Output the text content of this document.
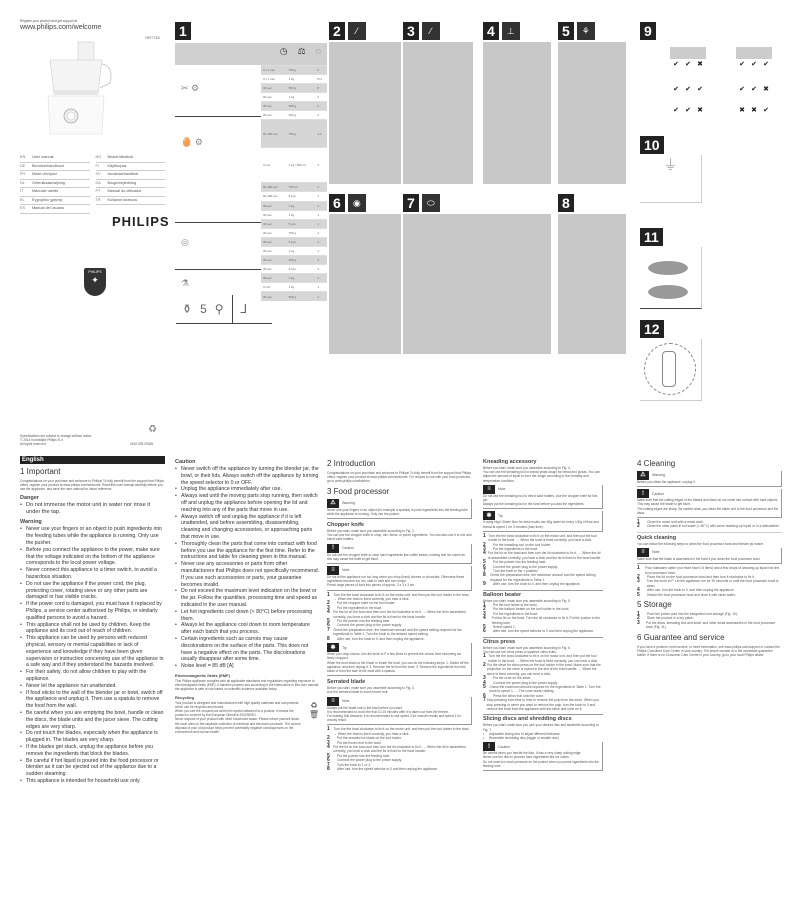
Register your product and get support at
www.philips.com/welcome
HR7782
EN	User manual	NO	Brukerhåndbok
DE	Benutzerhandbuch	FI	Käyttöopas
FR	Mode d'emploi	SV	Användarhandbok
NL	Gebruiksaanwijzing	DA	Brugervejledning
IT	Manuale utente	PT	Manual do utilizador
EL	Εγχειρίδιο χρήσης	TR	Kullanım kılavuzu
ES	Manual del usuario
PHILIPS
PHILIPS
✦
Specifications are subject to change without notice
© 2014 Koninklijke Philips N.V.
All rights reserved.
♻
3140 035 29045
1
◷ ⚖ ◌
✂ ⚙
🥚 ⚙
◎
⚗
3 x 1 sec	750 g	P
3 x 1 sec	1 kg	P/1
30 sec	500 g	P
60 sec	1 kg	2
45 sec	500 g	2
30 sec	400 g	2
60-180 sec	750 g	1-2
3 min	1 kg / 600 ml	1
60-180 sec	750 ml	1
60-180 sec	8 pcs	1
30 sec	1 kg	1
30 sec	1 kg	1
30 sec	5 pcs	1
30 sec	750 g	1
30 sec	5 pcs	1
30 sec	1 kg	1
30 sec	200 g	1
30 sec	5 pcs	1
30 sec	1 kg	1
3 min	1 kg	1
30 sec	500 g	1
⚱ 5 ⚲ ⅃
2	⁄	3	⁄	4	⊥	5	⚘
6	◉	7	⬭	8
9
✔ ✔ ✖	✔ ✔ ✔
✔ ✔ ✔	✔ ✔ ✖
✔ ✔ ✖	✖ ✖ ✔
10
⏚
11
12
English
1 Important

Congratulations on your purchase and welcome to Philips! To fully benefit from the support that Philips offers, register your product at www.philips.com/welcome. Read this user manual carefully before you use the appliance, and save the user manual for future reference.

Danger
• Do not immerse the motor unit in water nor rinse it under the tap.
Warning
• Never use your fingers or an object to push ingredients into the feeding tubes while the appliance is running. Only use the pusher.
• Before you connect the appliance to the power, make sure that the voltage indicated on the bottom of the appliance corresponds to the local power voltage.
• Never connect this appliance to a timer switch, to avoid a hazardous situation.
• Do not use the appliance if the power cord, the plug, protecting cover, rotating sieve or any other parts are damaged or has visible cracks.
• If the power cord is damaged, you must have it replaced by Philips, a service center authorized by Philips, or similarly qualified persons to avoid a hazard.
• This appliance shall not be used by children. Keep the appliance and its cord out of reach of children.
• This appliance can be used by persons with reduced physical, sensory or mental capabilities or lack of experience and knowledge if they have been given supervision or instruction concerning use of the appliance in a safe way and if they understand the hazards involved.
• For their safety, do not allow children to play with the appliance.
• Never let the appliance run unattended.
• If food sticks to the wall of the blender jar or bowl, switch off the appliance and unplug it. Then use a spatula to remove the food from the wall.
• Be careful when you are emptying the bowl, handle or clean the discs, the blade units and the juicer sieve. The cutting edges are very sharp.
• Do not touch the blades, especially when the appliance is plugged in. The blades are very sharp.
• If the blades get stuck, unplug the appliance before you remove the ingredients that block the blades.
• Be careful if hot liquid is poured into the food processor or blender as it can be ejected out of the appliance due to a sudden steaming.
• This appliance is intended for household use only.
Caution
• Never switch off the appliance by turning the blender jar, the bowl, or their lids. Always switch off the appliance by turning the speed selector to 0 or OFF.
• Unplug the appliance immediately after use.
• Always wait until the moving parts stop running, then switch off and unplug the appliance before opening the lid and reaching into any of the parts that move in use.
• Always switch off and unplug the appliance if it is left unattended, and before assembling, disassembling, cleaning and changing accessories, or approaching parts that move in use.
• Thoroughly clean the parts that come into contact with food before you use the appliance for the first time. Refer to the instructions and table for cleaning given in this manual.
• Never use any accessories or parts from other manufacturers that Philips does not specifically recommend. If you use such accessories or parts, your guarantee becomes invalid.
• Do not exceed the maximum level indication on the bowl or the jar. Follow the quantities, processing time and speed as indicated in the user manual.
• Let hot ingredients cool down (< 80°C) before processing them.
• Always let the appliance cool down to room temperature after each batch that you process.
• Certain ingredients such as carrots may cause discolorations on the surface of the parts. This does not have a negative effect on the parts. The discolorations usually disappear after some time.
• Noise level = 85 dB [A]
Electromagnetic fields (EMF)

This Philips appliance complies with all applicable standards and regulations regarding exposure to electromagnetic fields (EMF). If handled properly and according to the instructions in this user manual, the appliance is safe to use based on scientific evidence available today.

Recycling

Your product is designed and manufactured with high quality materials and components, which can be recycled and reused.

When you see the crossed-out wheel bin symbol attached to a product, it means the product is covered by the European Directive 2002/96/EC.

Never dispose of your product with other household waste. Please inform yourself about the local rules on the separate collection of electrical and electronic products. The correct disposal of your old product helps prevent potentially negative consequences on the environment and human health.

♻
🗑
2 Introduction

Congratulations on your purchase and welcome to Philips! To fully benefit from the support that Philips offers, register your product at www.philips.com/welcome. For recipes to use with your food processor, go to www.philips.com/kitchen.

3 Food processor
⚠	Warning

Never use your fingers or an object (for example a spatula) to push ingredients into the feeding tube while the appliance is running. Only use the pusher.

Chopper knife

Before you start, make sure you assemble according to Fig. 2.

You can use the chopper knife to chop, mix, blend, or puree ingredients. You can also use it to mix and blend cake batters.

!	Caution

Do not use the chopper knife to chop hard ingredients like coffee beans, nutmeg and ice cubes as this may cause the knife to get blunt.

≡	Note

Do not let the appliance run too long when you chop (hard) cheese or chocolate. Otherwise these ingredients become too hot, start to melt and turn lumpy.

Precut large pieces of food into pieces of approx. 3 x 3 x 3 cm.

1	Turn the the bowl clockwise to fix it on the motor unit, and then put the tool holder in the bowl. → When the bowl is fixed correctly, you hear a click.
2	Put the chopper knife on the tool holder.
3	Put the ingredients in the bowl.
4	Put the lid on the bowl and then turn the lid clockwise to fix it. → When the lid is assembled correctly, you hear a click and the lid is fixed to the bowl handle.
5	Put the pusher into the feeding tube.
6	Connect the power plug to the power supply.
7	Check the preparation time, the maximum amount and the speed setting required for the ingredients in Table 1. Turn the knob to the desired speed setting.
8	After use, turn the knob to 0, and then unplug the appliance.
✱	Tip

When you chop onions, turn the knob to P a few times to prevent the onions from becoming too finely chopped.

When the food sticks to the blade or inside the bowl, you can do the following steps: 1. Switch off the appliance, and then unplug it. 2. Remove the lid from the bowl. 3. Remove the ingredients from the blade or from the side of the bowl with a spatula.

Serrated blade

Before you start, make sure you assemble according to Fig. 3.

Use the serrated blade to crush frozen fruit.

≡	Note

Always put the blade unit in the bowl before you start.

It is recommended to crush the fruit 10-15 minutes after it is taken out from the freezer.

For making fruit desserts, it is recommended to use speed 3 for smooth results and speed 1 for chunky result.

1	Turn the the bowl clockwise to fix it on the motor unit, and then put the tool holder in the bowl. → When the bowl is fixed correctly, you hear a click.
2	Put the serrated ice blade on the tool holder.
3	Put the frozen fruit in the bowl.
4	Put the lid on the bowl and then turn the lid clockwise to fix it. → When the lid is assembled correctly, you hear a click and the lid is fixed to the bowl handle.
5	Put the pusher into the feeding tube.
6	Connect the power plug to the power supply.
7	Turn the knob to 1 or 2.
8	After use, turn the speed selector to 0 and then unplug the appliance.
Kneading accessory

Before you start, make sure you assemble according to Fig. 4.

You can use the kneading tool to knead yeast dough for bread and pizzas. You can adjust the amount of liquid to form the dough according to the humidity and temperature condition.

≡	Note

Do not use the kneading tool to blend cake batters. Use the chopper knife for this job.

Always put the kneading tool in the bowl before you add the ingredients.

✱	Tip

If using High Gluten flour for best results use 60g water for every 100g of flour and knead at speed 1 for 3 minutes (max time).

1 Turn the the bowl clockwise to fix it on the motor unit, and then put the tool holder in the bowl. → When the bowl is fixed correctly, you hear a click.
2	Put the kneading tool on the tool holder.
3	Put the ingredients in the bowl.
4 Put the lid on the bowl and then turn the lid clockwise to fix it. → When the lid is assembled correctly, you hear a click and the lid is fixed to the bowl handle.
5	Put the pusher into the feeding tube.
6	Connect the power plug to the power supply.
7	Turn the knob to the 1 position.
8	Check the preparation time, the maximum amount and the speed setting required for the ingredients in Table 1.
9	After use, turn the knob to 0, and then unplug the appliance.
Balloon beater

Before you start, make sure you assemble according to Fig. 5.

1	Put the tool holder in the bowl.
2	Put the balloon beater on the tool holder in the bowl.
3	Put the ingredients in the bowl.
4	Put the lid on the bowl. Turn the lid clockwise to fix it. Put the pusher in the feeding tube.
5	Select speed 1.
6	After use, turn the speed selector to 0 and then unplug the appliance.
Citrus press

Before you start, make sure you assemble according to Fig. 6.

You can use the citrus press to squeeze citrus fruits.

1 Turn the the bowl clockwise to fix it on the motor unit, and then put the tool holder in the bowl. → When the bowl is fixed correctly, you can hear a click.
2 Put the sieve for citrus press on the tool holder in the bowl. Make sure that the projection on the sieve is locked in the slot of the bowl handle. → When the sieve is fixed correctly, you can hear a click.
3	Put the cone on the sieve.
4	Connect the power plug to the power supply.
5	Check the maximum amount required for the ingredients in Table 1. Turn the knob to speed 1. → The cone starts rotating.
6	Press the citrus fruit onto the cone.
7 Stop pressing from time to time to remove the pulp from the sieve. When you stop pressing or when you want to remove the pulp, turn the knob to 0 and remove the bowl from the appliance with the sieve and cone on it.
Slicing discs and shredding discs

Before you start, make sure you pick your desired disc and assemble according to Fig. 7.

• Adjustable slicing disc to adjust different thickness
• Reversible shredding disc (bigger or smaller size)
!	Caution

Be careful when you handle the disc. It has a very sharp cutting edge.

Never use the disc to process hard ingredients like ice cubes.

Do not exert too much pressure on the pusher when you press ingredients into the feeding tube.

4 Cleaning
⚠	Warning

Before you clean the appliance, unplug it.

!	Caution

Make sure that the cutting edges of the blades and discs do not come into contact with hard objects. This may cause the blade to get blunt.

The cutting edges are sharp. Be careful when you clean the blade unit of the food processor and the discs.

1	Clean the motor unit with a moist cloth.
2	Clean the other parts in hot water (< 60°C) with some washing-up liquid or in a dishwasher.
Quick cleaning

You can follow the following steps to clean the food processor bowl and blender jar easier.

≡	Note

Make sure that the blade is assembled in the bowl if you clean the food processor bowl.

1	Pour lukewarm water (not more than 0.5 liters) and a few drops of washing-up liquid into the food processor bowl.
2	Place the lid on the food processor bowl and then turn it clockwise to fix it.
3	Turn the knob to P. Let the appliance run for 30 seconds or until the food processor bowl is clean.
4	After use, turn the knob to 0, and then unplug the appliance.
5	Detach the food processor bowl and rinse it with clean water.
5 Storage
1	Push the power cord into the integrated cord storage (Fig. 10).
2	Store the product in a dry place.
3	Put the discs, kneading tool and shaft, and other small accessories in the food processor bowl (Fig. 11).
6 Guarantee and service

If you have a problem, need service, or need information, see www.philips.com/support or contact the Philips Consumer Care Center in your country. The phone number is in the worldwide guarantee leaflet. If there is no Consumer Care Center in your country, go to your local Philips dealer.
